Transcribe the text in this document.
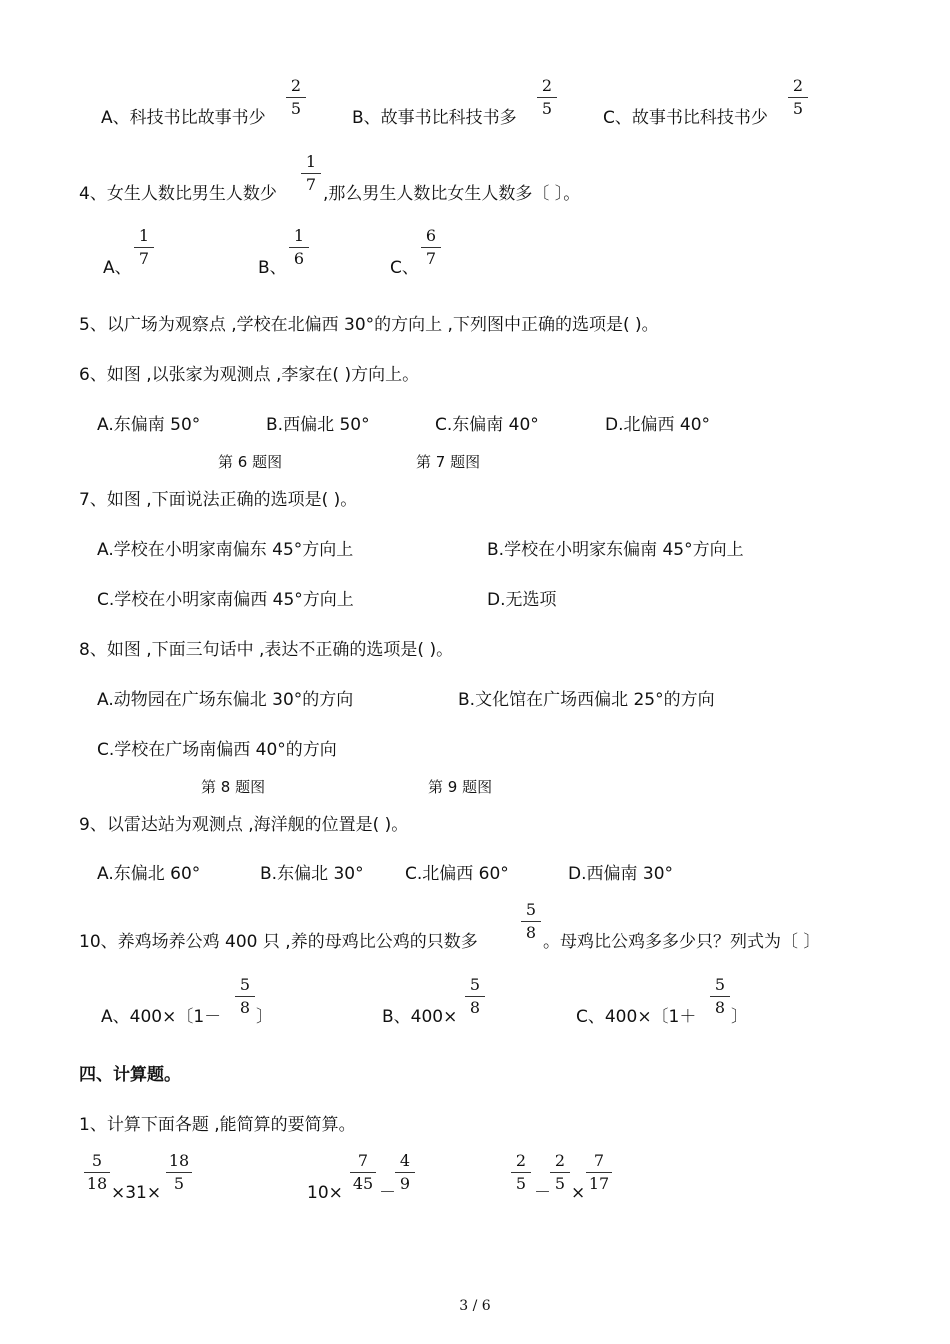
A、科技书比故事书少
2
5	B、故事书比科技书多
2
5	C、故事书比科技书少
2
5
4、女生人数比男生人数少
1
7 ,那么男生人数比女生人数多〔 〕。
A、
1
7	B、
1
6	C、
6
7
5、以广场为观察点 ,学校在北偏西 30°的方向上 ,下列图中正确的选项是( )。
6、如图 ,以张家为观测点 ,李家在( )方向上。
A.东偏南 50°	B.西偏北 50°	C.东偏南 40°	D.北偏西 40°
第 6 题图	第 7 题图
7、如图 ,下面说法正确的选项是( )。
A.学校在小明家南偏东 45°方向上	B.学校在小明家东偏南 45°方向上
C.学校在小明家南偏西 45°方向上	D.无选项
8、如图 ,下面三句话中 ,表达不正确的选项是( )。
A.动物园在广场东偏北 30°的方向	B.文化馆在广场西偏北 25°的方向
C.学校在广场南偏西 40°的方向
第 8 题图	第 9 题图
9、以雷达站为观测点 ,海洋舰的位置是( )。
A.东偏北 60°	B.东偏北 30° C.北偏西 60°	D.西偏南 30°
10、养鸡场养公鸡 400 只 ,养的母鸡比公鸡的只数多
5
8 。母鸡比公鸡多多少只？列式为〔 〕
A、400×〔1－
5
8 〕	B、400×
5
8	C、400×〔1＋
5
8 〕
四、计算题。
1、计算下面各题 ,能简算的要简算。
5
18 ×31×
18
5	10×
7
45 －
4
9
2
5 －
2
5 ×
7
17
3 / 6
